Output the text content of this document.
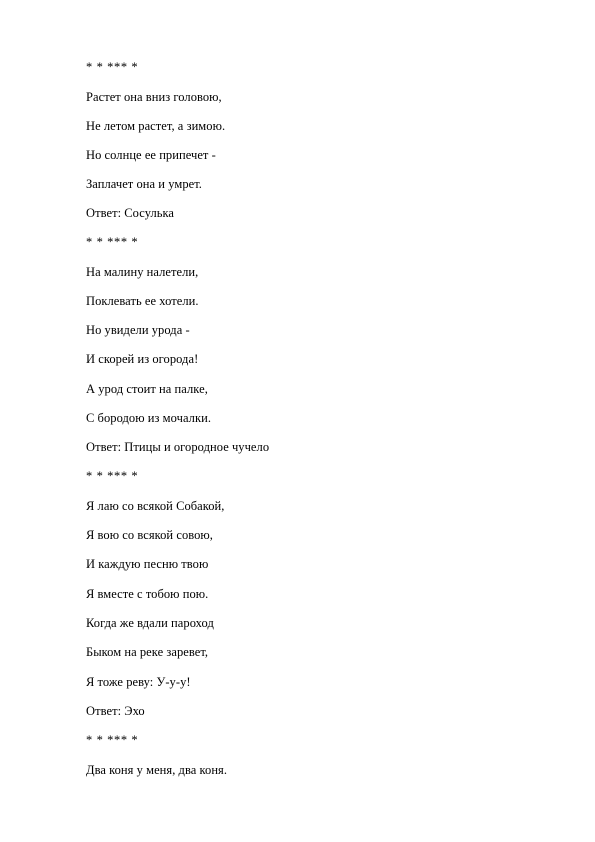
* * *** *
Растет она вниз головою,
Не летом растет, а зимою.
Но солнце ее припечет -
Заплачет она и умрет.
Ответ: Сосулька
* * *** *
На малину налетели,
Поклевать ее хотели.
Но увидели урода -
И скорей из огорода!
А урод стоит на палке,
С бородою из мочалки.
Ответ: Птицы и огородное чучело
* * *** *
Я лаю со всякой Собакой,
Я вою со всякой совою,
И каждую песню твою
Я вместе с тобою пою.
Когда же вдали пароход
Быком на реке заревет,
Я тоже реву: У-у-у!
Ответ: Эхо
* * *** *
Два коня у меня, два коня.
